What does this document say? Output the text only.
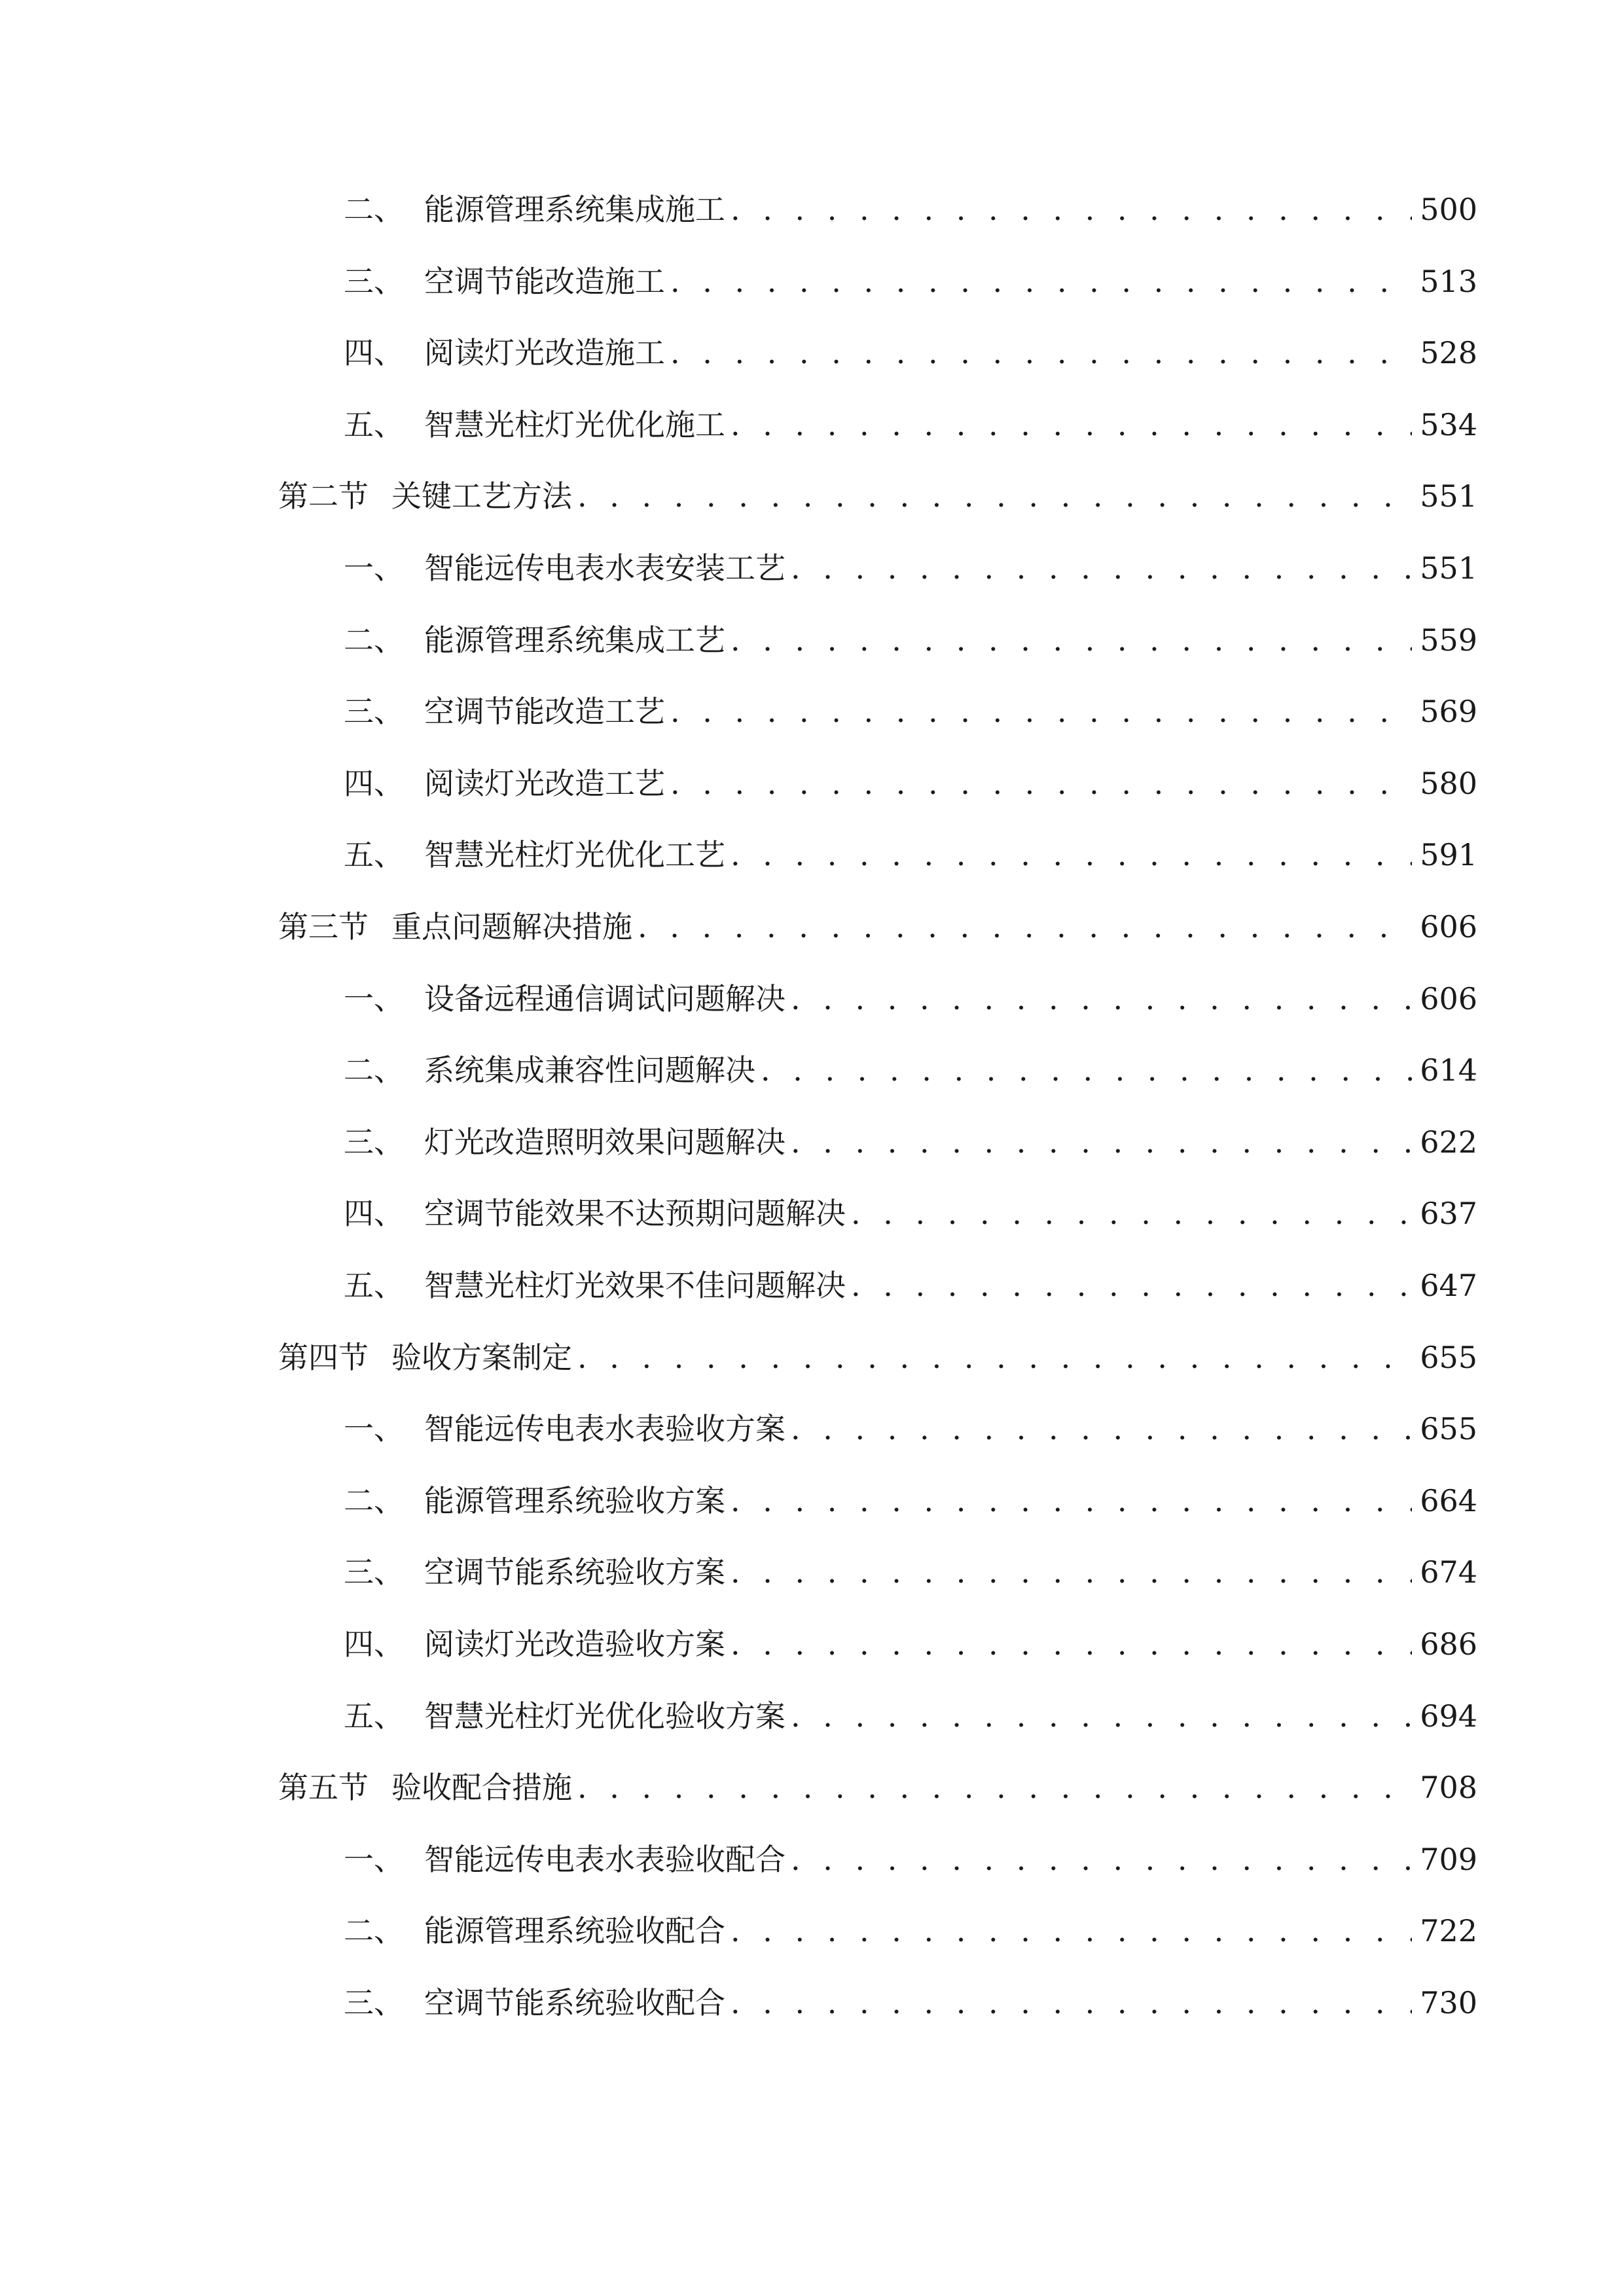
二、 能源管理系统集成施工 . . .	500
三、 空调节能改造施工 . . .	513
四、 阅读灯光改造施工 . . .	528
五、 智慧光柱灯光优化施工 . . .	534
第二节 关键工艺方法 . . .	551
一、 智能远传电表水表安装工艺 . . .	551
二、 能源管理系统集成工艺 . . .	559
三、 空调节能改造工艺 . . .	569
四、 阅读灯光改造工艺 . . .	580
五、 智慧光柱灯光优化工艺 . . .	591
第三节 重点问题解决措施 . . .	606
一、 设备远程通信调试问题解决 . . .	606
二、 系统集成兼容性问题解决 . . .	614
三、 灯光改造照明效果问题解决 . . .	622
四、 空调节能效果不达预期问题解决 . . .	637
五、 智慧光柱灯光效果不佳问题解决 . . .	647
第四节 验收方案制定 . . .	655
一、 智能远传电表水表验收方案 . . .	655
二、 能源管理系统验收方案 . . .	664
三、 空调节能系统验收方案 . . .	674
四、 阅读灯光改造验收方案 . . .	686
五、 智慧光柱灯光优化验收方案 . . .	694
第五节 验收配合措施 . . .	708
一、 智能远传电表水表验收配合 . . .	709
二、 能源管理系统验收配合 . . .	722
三、 空调节能系统验收配合 . . .	730
